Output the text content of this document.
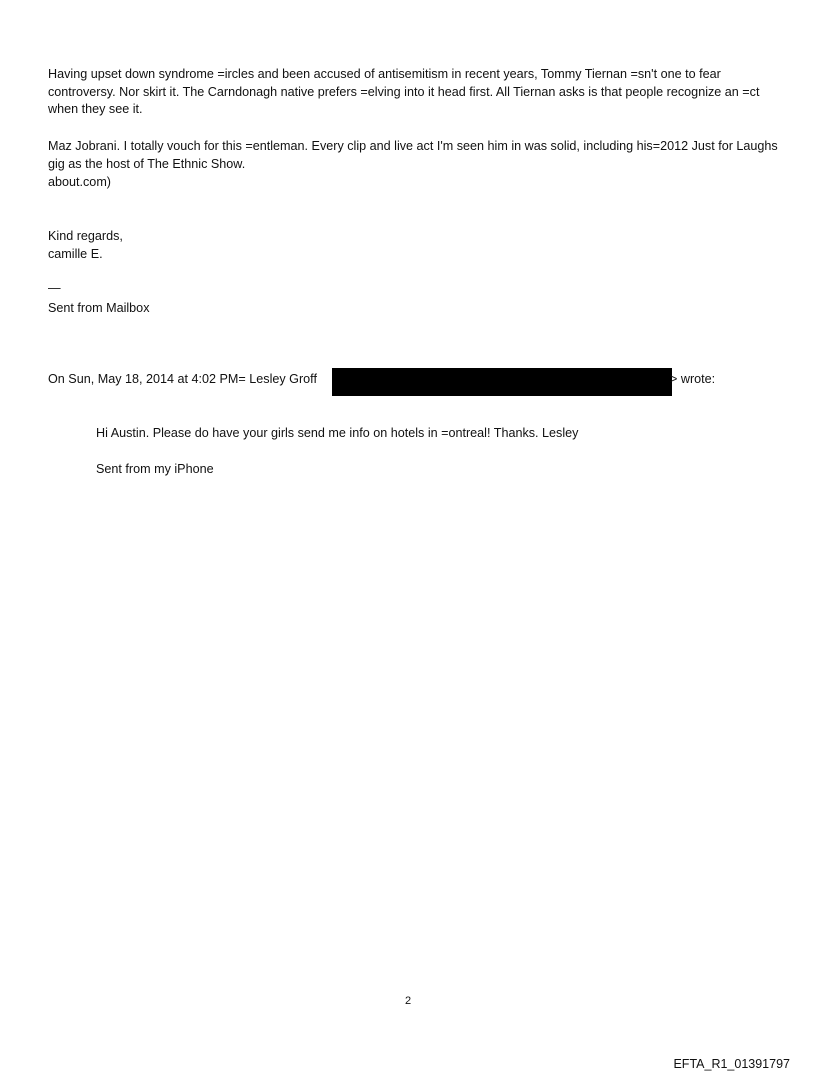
Having upset down syndrome =ircles and been accused of antisemitism in recent years, Tommy Tiernan =sn't one to fear controversy. Nor skirt it. The Carndonagh native prefers =elving into it head first. All Tiernan asks is that people recognize an =ct when they see it.

Maz Jobrani. I totally vouch for this =entleman. Every clip and live act I'm seen him in was solid, including his=2012 Just for Laughs gig as the host of The Ethnic Show.

about.com)

Kind regards,

camille E.

—

Sent from Mailbox

On Sun, May 18, 2014 at 4:02 PM= Lesley Groff	> wrote:

Hi Austin. Please do have your girls send me info on hotels in =ontreal! Thanks. Lesley

Sent from my iPhone

2
EFTA_R1_01391797
